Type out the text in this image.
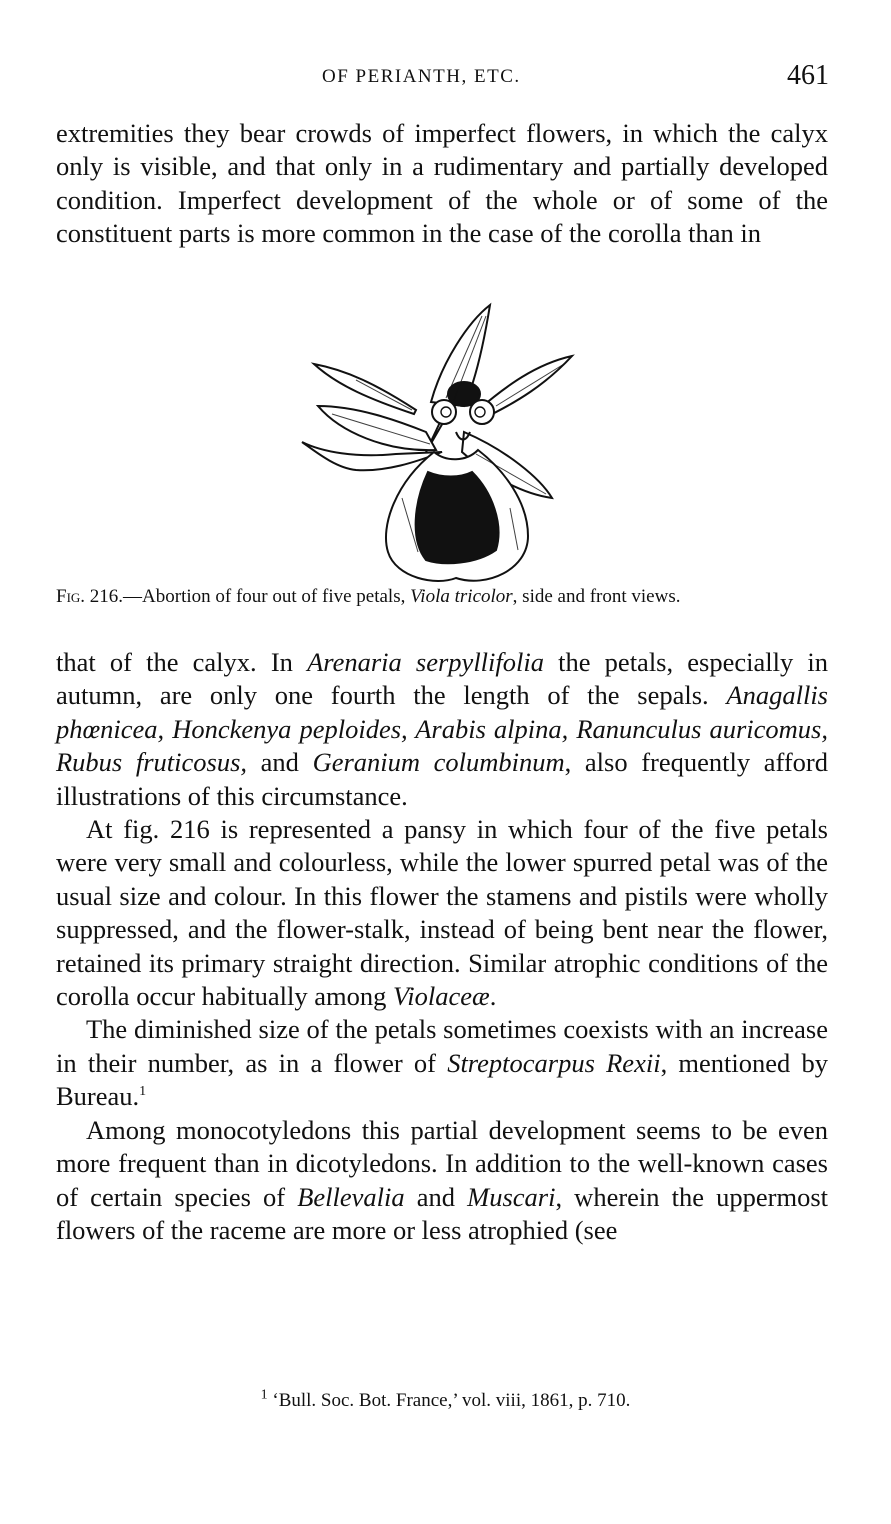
OF PERIANTH, ETC.	461

extremities they bear crowds of imperfect flowers, in which the calyx only is visible, and that only in a rudimentary and partially developed condition. Imperfect development of the whole or of some of the constituent parts is more common in the case of the corolla than in

Fig. 216.—Abortion of four out of five petals, Viola tricolor, side and front views.

that of the calyx. In Arenaria serpyllifolia the petals, especially in autumn, are only one fourth the length of the sepals. Anagallis phœnicea, Honckenya peploides, Arabis alpina, Ranunculus auricomus, Rubus fruticosus, and Geranium columbinum, also frequently afford illustrations of this circumstance.

At fig. 216 is represented a pansy in which four of the five petals were very small and colourless, while the lower spurred petal was of the usual size and colour. In this flower the stamens and pistils were wholly suppressed, and the flower-stalk, instead of being bent near the flower, retained its primary straight direction. Similar atrophic conditions of the corolla occur habitually among Violaceæ.

The diminished size of the petals sometimes coexists with an increase in their number, as in a flower of Streptocarpus Rexii, mentioned by Bureau.$^1$

Among monocotyledons this partial development seems to be even more frequent than in dicotyledons. In addition to the well-known cases of certain species of Bellevalia and Muscari, wherein the uppermost flowers of the raceme are more or less atrophied (see

$^1$ ‘Bull. Soc. Bot. France,’ vol. viii, 1861, p. 710.
